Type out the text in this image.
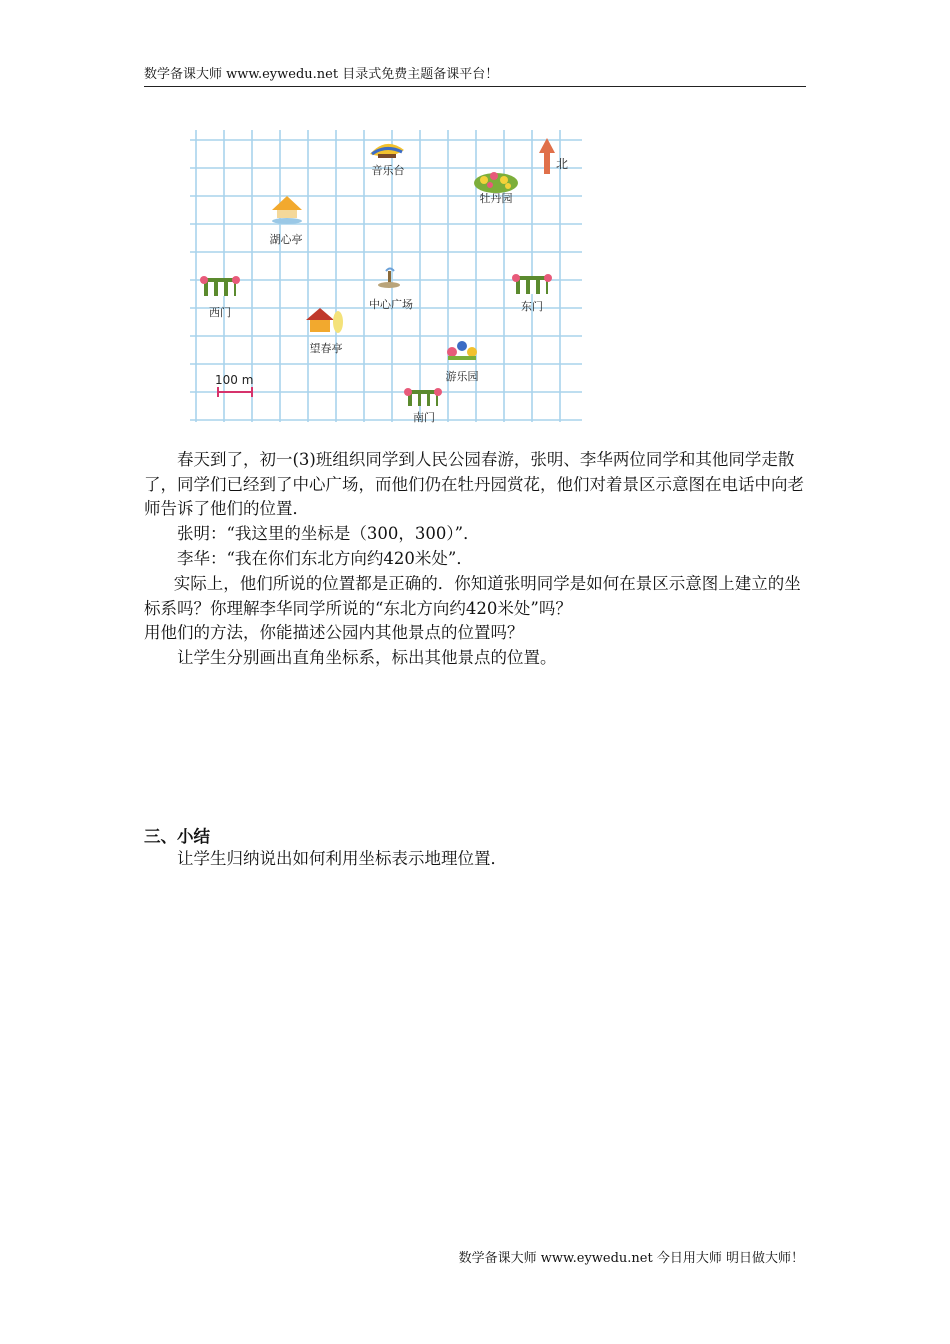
数学备课大师 www.eywedu.net 目录式免费主题备课平台！
北
100 m
音乐台
牡丹园
湖心亭
西门
中心广场	东门
望春亭
游乐园
南门

春天到了，初一(3)班组织同学到人民公园春游，张明、李华两位同学和其他同学走散了，同学们已经到了中心广场，而他们仍在牡丹园赏花，他们对着景区示意图在电话中向老师告诉了他们的位置．

张明：“我这里的坐标是（300，300）”．

李华：“我在你们东北方向约420米处”．

实际上，他们所说的位置都是正确的．你知道张明同学是如何在景区示意图上建立的坐标系吗？你理解李华同学所说的“东北方向约420米处”吗？

用他们的方法，你能描述公园内其他景点的位置吗？

让学生分别画出直角坐标系，标出其他景点的位置。

三、小结

让学生归纳说出如何利用坐标表示地理位置．

数学备课大师 www.eywedu.net 今日用大师 明日做大师！
